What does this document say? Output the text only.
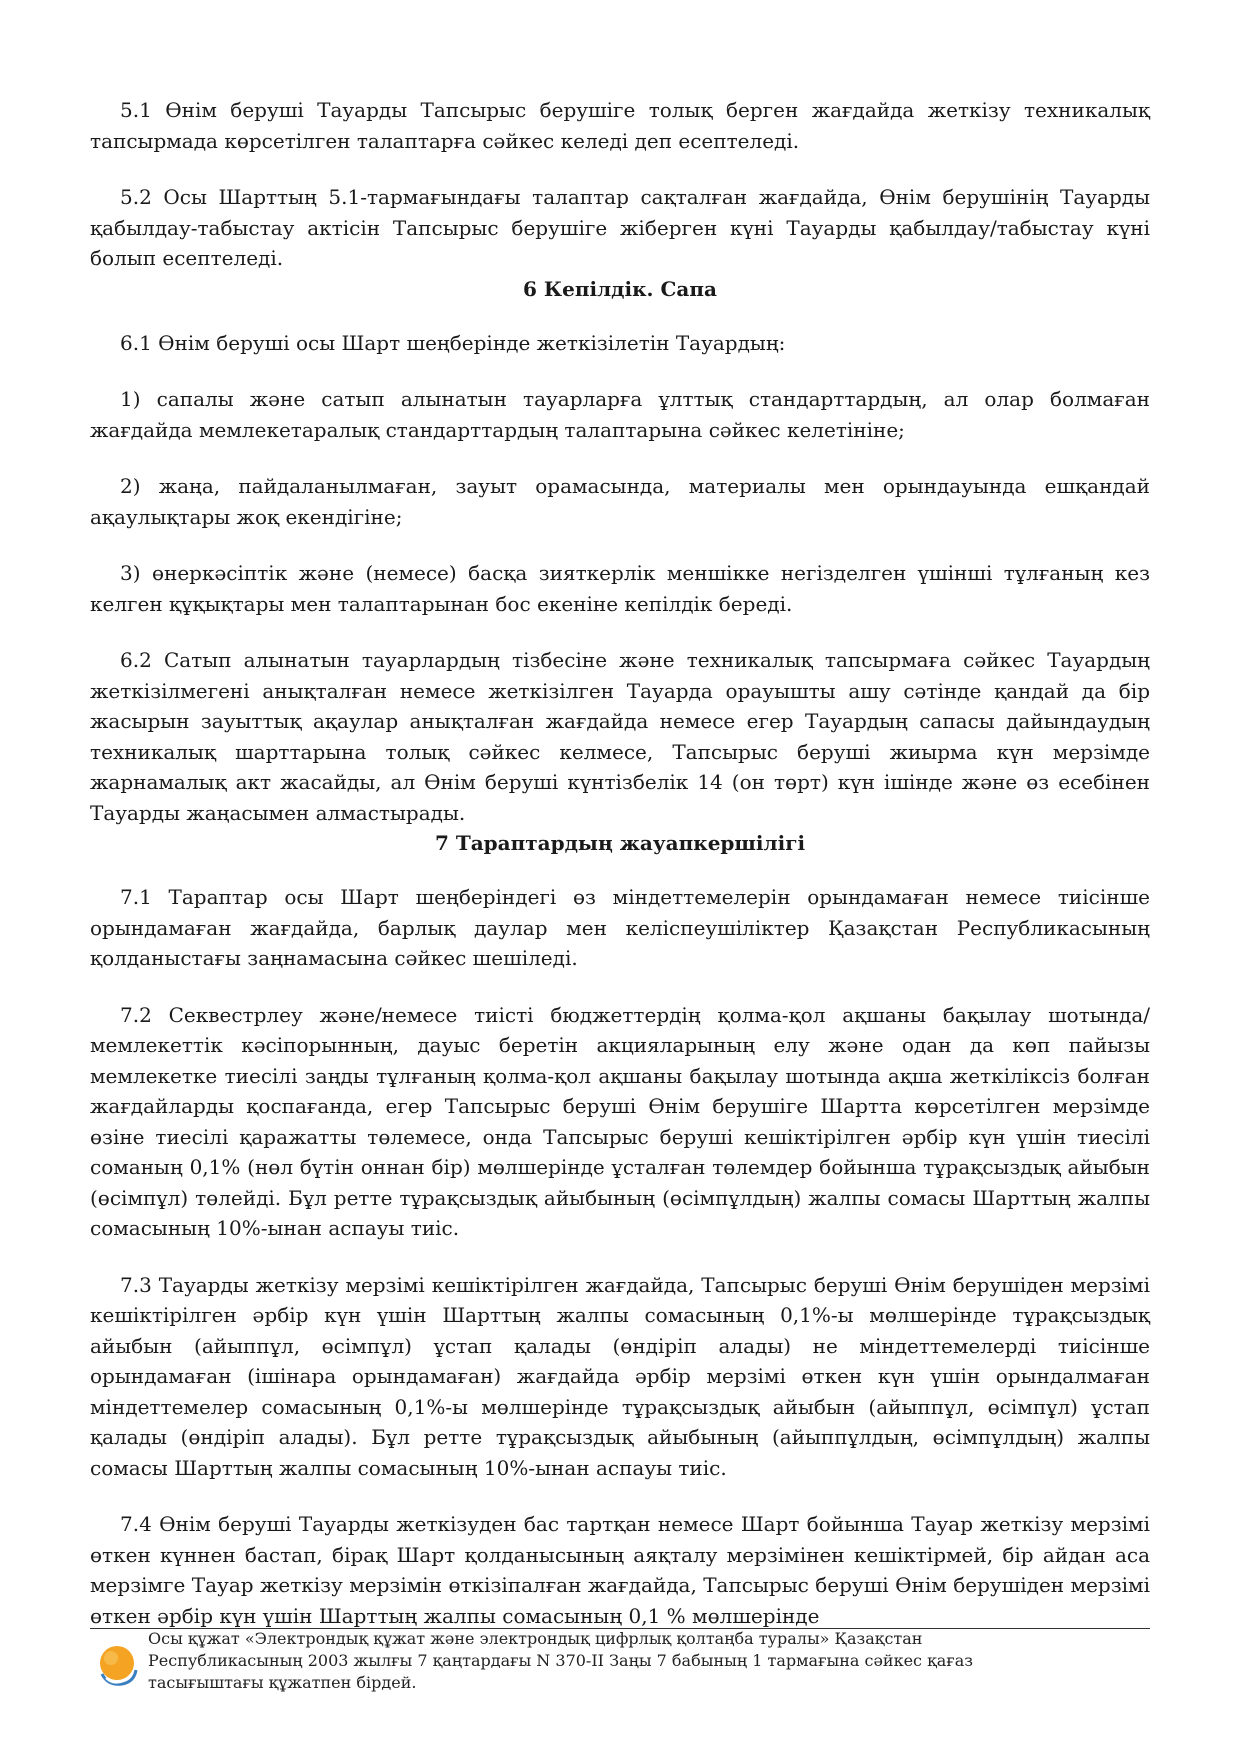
5.1 Өнім беруші Тауарды Тапсырыс берушіге толық берген жағдайда жеткізу техникалық тапсырмада көрсетілген талаптарға сәйкес келеді деп есептеледі.

5.2 Осы Шарттың 5.1-тармағындағы талаптар сақталған жағдайда, Өнім берушінің Тауарды қабылдау-табыстау актісін Тапсырыс берушіге жіберген күні Тауарды қабылдау/табыстау күні болып есептеледі.

6 Кепілдік. Сапа

6.1 Өнім беруші осы Шарт шеңберінде жеткізілетін Тауардың:

1) сапалы және сатып алынатын тауарларға ұлттық стандарттардың, ал олар болмаған жағдайда мемлекетаралық стандарттардың талаптарына сәйкес келетініне;

2) жаңа, пайдаланылмаған, зауыт орамасында, материалы мен орындауында ешқандай ақаулықтары жоқ екендігіне;

3) өнеркәсіптік және (немесе) басқа зияткерлік меншікке негізделген үшінші тұлғаның кез келген құқықтары мен талаптарынан бос екеніне кепілдік береді.

6.2 Сатып алынатын тауарлардың тізбесіне және техникалық тапсырмаға сәйкес Тауардың жеткізілмегені анықталған немесе жеткізілген Тауарда орауышты ашу сәтінде қандай да бір жасырын зауыттық ақаулар анықталған жағдайда немесе егер Тауардың сапасы дайындаудың техникалық шарттарына толық сәйкес келмесе, Тапсырыс беруші жиырма күн мерзімде жарнамалық акт жасайды, ал Өнім беруші күнтізбелік 14 (он төрт) күн ішінде және өз есебінен Тауарды жаңасымен алмастырады.

7 Тараптардың жауапкершілігі

7.1 Тараптар осы Шарт шеңберіндегі өз міндеттемелерін орындамаған немесе тиісінше орындамаған жағдайда, барлық даулар мен келіспеушіліктер Қазақстан Республикасының қолданыстағы заңнамасына сәйкес шешіледі.

7.2 Секвестрлеу және/немесе тиісті бюджеттердің қолма-қол ақшаны бақылау шотында/мемлекеттік кәсіпорынның, дауыс беретін акцияларының елу және одан да көп пайызы мемлекетке тиесілі заңды тұлғаның қолма-қол ақшаны бақылау шотында ақша жеткіліксіз болған жағдайларды қоспағанда, егер Тапсырыс беруші Өнім берушіге Шартта көрсетілген мерзімде өзіне тиесілі қаражатты төлемесе, онда Тапсырыс беруші кешіктірілген әрбір күн үшін тиесілі соманың 0,1% (нөл бүтін оннан бір) мөлшерінде ұсталған төлемдер бойынша тұрақсыздық айыбын (өсімпұл) төлейді. Бұл ретте тұрақсыздық айыбының (өсімпұлдың) жалпы сомасы Шарттың жалпы сомасының 10%-ынан аспауы тиіс.

7.3 Тауарды жеткізу мерзімі кешіктірілген жағдайда, Тапсырыс беруші Өнім берушіден мерзімі кешіктірілген әрбір күн үшін Шарттың жалпы сомасының 0,1%-ы мөлшерінде тұрақсыздық айыбын (айыппұл, өсімпұл) ұстап қалады (өндіріп алады) не міндеттемелерді тиісінше орындамаған (ішінара орындамаған) жағдайда әрбір мерзімі өткен күн үшін орындалмаған міндеттемелер сомасының 0,1%-ы мөлшерінде тұрақсыздық айыбын (айыппұл, өсімпұл) ұстап қалады (өндіріп алады). Бұл ретте тұрақсыздық айыбының (айыппұлдың, өсімпұлдың) жалпы сомасы Шарттың жалпы сомасының 10%-ынан аспауы тиіс.

7.4 Өнім беруші Тауарды жеткізуден бас тартқан немесе Шарт бойынша Тауар жеткізу мерзімі өткен күннен бастап, бірақ Шарт қолданысының аяқталу мерзімінен кешіктірмей, бір айдан аса мерзімге Тауар жеткізу мерзімін өткізіпалған жағдайда, Тапсырыс беруші Өнім берушіден мерзімі өткен әрбір күн үшін Шарттың жалпы сомасының 0,1 % мөлшерінде

Осы құжат «Электрондық құжат және электрондық цифрлық қолтаңба туралы» Қазақстан Республикасының 2003 жылғы 7 қаңтардағы N 370-II Заңы 7 бабының 1 тармағына сәйкес қағаз тасығыштағы құжатпен бірдей.
